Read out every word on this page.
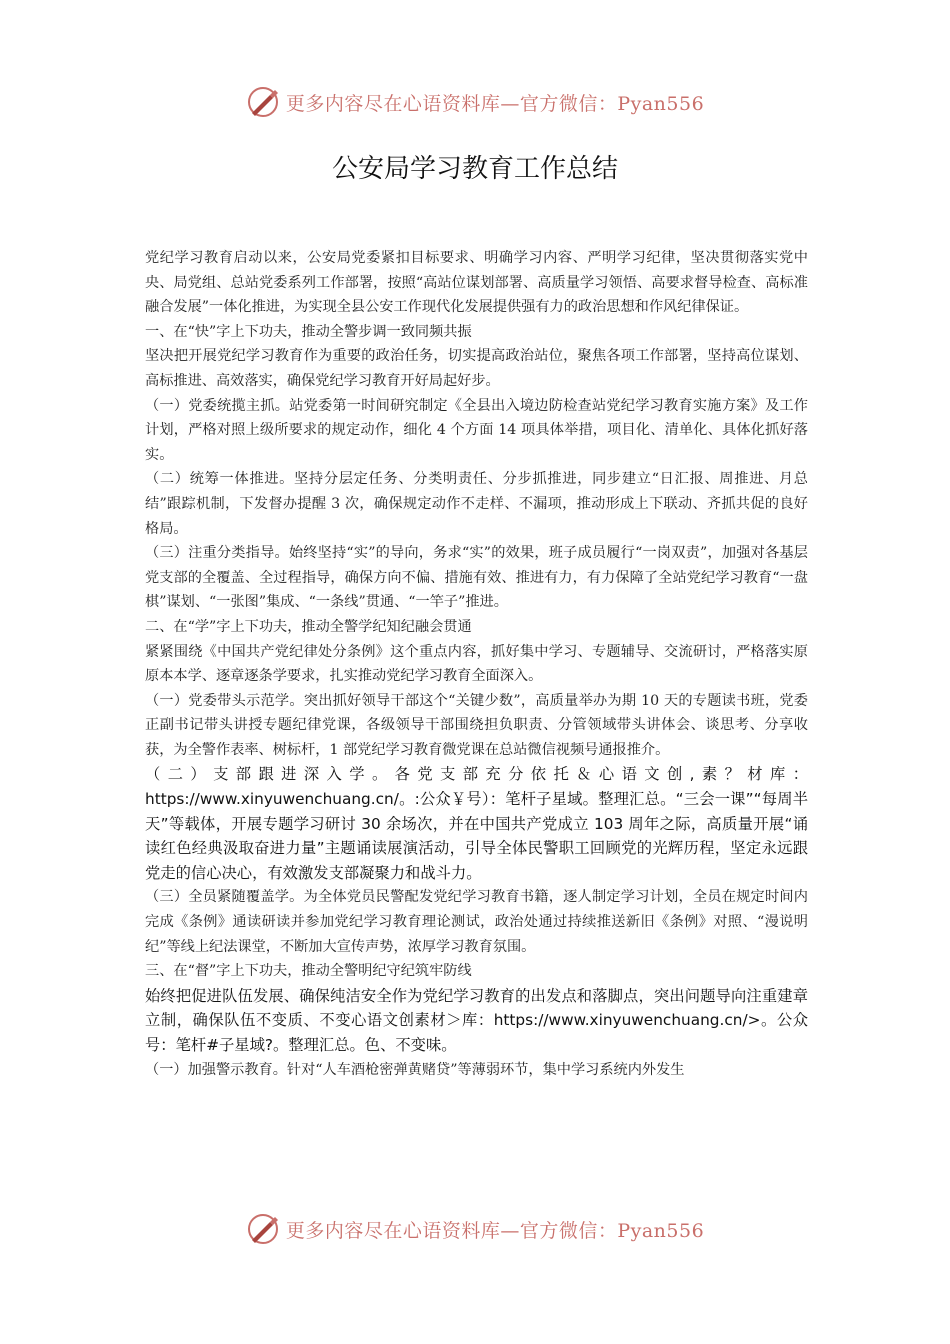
更多内容尽在心语资料库—官方微信：Pyan556
公安局学习教育工作总结

党纪学习教育启动以来，公安局党委紧扣目标要求、明确学习内容、严明学习纪律，坚决贯彻落实党中央、局党组、总站党委系列工作部署，按照“高站位谋划部署、高质量学习领悟、高要求督导检查、高标准融合发展”一体化推进，为实现全县公安工作现代化发展提供强有力的政治思想和作风纪律保证。

一、在“快”字上下功夫，推动全警步调一致同频共振

坚决把开展党纪学习教育作为重要的政治任务，切实提高政治站位，聚焦各项工作部署，坚持高位谋划、高标推进、高效落实，确保党纪学习教育开好局起好步。

（一）党委统揽主抓。站党委第一时间研究制定《全县出入境边防检查站党纪学习教育实施方案》及工作计划，严格对照上级所要求的规定动作，细化 4 个方面 14 项具体举措，项目化、清单化、具体化抓好落实。

（二）统筹一体推进。坚持分层定任务、分类明责任、分步抓推进，同步建立“日汇报、周推进、月总结”跟踪机制，下发督办提醒 3 次，确保规定动作不走样、不漏项，推动形成上下联动、齐抓共促的良好格局。

（三）注重分类指导。始终坚持“实”的导向，务求“实”的效果，班子成员履行“一岗双责”，加强对各基层党支部的全覆盖、全过程指导，确保方向不偏、措施有效、推进有力，有力保障了全站党纪学习教育“一盘棋”谋划、“一张图”集成、“一条线”贯通、“一竿子”推进。

二、在“学”字上下功夫，推动全警学纪知纪融会贯通

紧紧围绕《中国共产党纪律处分条例》这个重点内容，抓好集中学习、专题辅导、交流研讨，严格落实原原本本学、逐章逐条学要求，扎实推动党纪学习教育全面深入。

（一）党委带头示范学。突出抓好领导干部这个“关键少数”，高质量举办为期 10 天的专题读书班，党委正副书记带头讲授专题纪律党课，各级领导干部围绕担负职责、分管领域带头讲体会、谈思考、分享收获，为全警作表率、树标杆，1 部党纪学习教育微党课在总站微信视频号通报推介。

（二）支部跟进深入学。各党支部充分依托＆心语文创,素？材库：https://www.xinyuwenchuang.cn/。:公众￥号）：笔杆子星域。整理汇总。“三会一课”“每周半天”等载体，开展专题学习研讨 30 余场次，并在中国共产党成立 103 周年之际，高质量开展“诵读红色经典汲取奋进力量”主题诵读展演活动，引导全体民警职工回顾党的光辉历程，坚定永远跟党走的信心决心，有效激发支部凝聚力和战斗力。

（三）全员紧随覆盖学。为全体党员民警配发党纪学习教育书籍，逐人制定学习计划，全员在规定时间内完成《条例》通读研读并参加党纪学习教育理论测试，政治处通过持续推送新旧《条例》对照、“漫说明纪”等线上纪法课堂，不断加大宣传声势，浓厚学习教育氛围。

三、在“督”字上下功夫，推动全警明纪守纪筑牢防线

始终把促进队伍发展、确保纯洁安全作为党纪学习教育的出发点和落脚点，突出问题导向注重建章立制，确保队伍不变质、不变心语文创素材＞库：https://www.xinyuwenchuang.cn/>。公众号：笔杆#子星域?。整理汇总。色、不变味。

（一）加强警示教育。针对“人车酒枪密弹黄赌贷”等薄弱环节，集中学习系统内外发生

更多内容尽在心语资料库—官方微信：Pyan556
